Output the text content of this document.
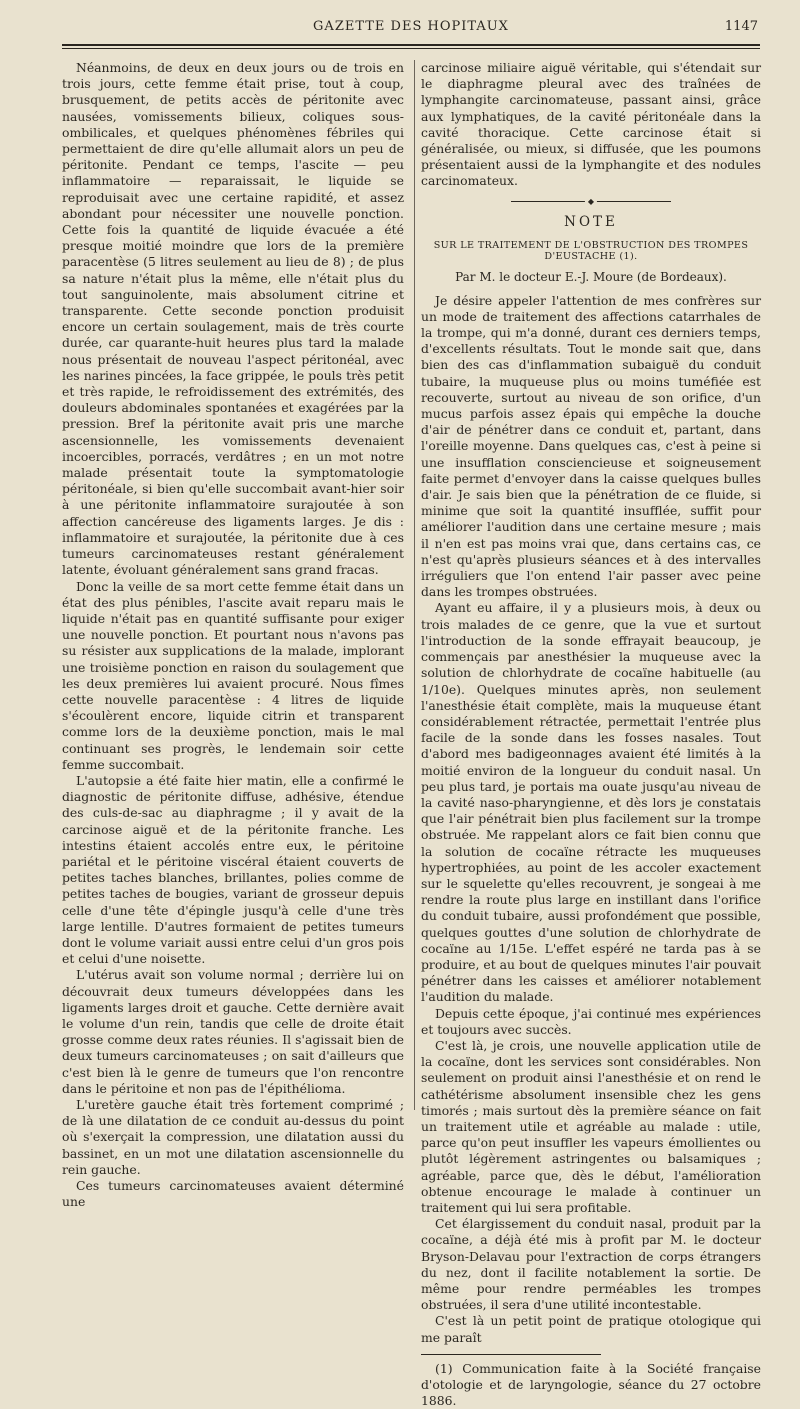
GAZETTE DES HOPITAUX	1147

Néanmoins, de deux en deux jours ou de trois en trois jours, cette femme était prise, tout à coup, brusquement, de petits accès de péritonite avec nausées, vomissements bilieux, coliques sous-ombilicales, et quelques phénomènes fébriles qui permettaient de dire qu'elle allumait alors un peu de péritonite. Pendant ce temps, l'ascite — peu inflammatoire — reparaissait, le liquide se reproduisait avec une certaine rapidité, et assez abondant pour nécessiter une nouvelle ponction. Cette fois la quantité de liquide évacuée a été presque moitié moindre que lors de la première paracentèse (5 litres seulement au lieu de 8) ; de plus sa nature n'était plus la même, elle n'était plus du tout sanguinolente, mais absolument citrine et transparente. Cette seconde ponction produisit encore un certain soulagement, mais de très courte durée, car quarante-huit heures plus tard la malade nous présentait de nouveau l'aspect péritonéal, avec les narines pincées, la face grippée, le pouls très petit et très rapide, le refroidissement des extrémités, des douleurs abdominales spontanées et exagérées par la pression. Bref la péritonite avait pris une marche ascensionnelle, les vomissements devenaient incoercibles, porracés, verdâtres ; en un mot notre malade présentait toute la symptomatologie péritonéale, si bien qu'elle succombait avant-hier soir à une péritonite inflammatoire surajoutée à son affection cancéreuse des ligaments larges. Je dis : inflammatoire et surajoutée, la péritonite due à ces tumeurs carcinomateuses restant généralement latente, évoluant généralement sans grand fracas.

Donc la veille de sa mort cette femme était dans un état des plus pénibles, l'ascite avait reparu mais le liquide n'était pas en quantité suffisante pour exiger une nouvelle ponction. Et pourtant nous n'avons pas su résister aux supplications de la malade, implorant une troisième ponction en raison du soulagement que les deux premières lui avaient procuré. Nous fîmes cette nouvelle paracentèse : 4 litres de liquide s'écoulèrent encore, liquide citrin et transparent comme lors de la deuxième ponction, mais le mal continuant ses progrès, le lendemain soir cette femme succombait.

L'autopsie a été faite hier matin, elle a confirmé le diagnostic de péritonite diffuse, adhésive, étendue des culs-de-sac au diaphragme ; il y avait de la carcinose aiguë et de la péritonite franche. Les intestins étaient accolés entre eux, le péritoine pariétal et le péritoine viscéral étaient couverts de petites taches blanches, brillantes, polies comme de petites taches de bougies, variant de grosseur depuis celle d'une tête d'épingle jusqu'à celle d'une très large lentille. D'autres formaient de petites tumeurs dont le volume variait aussi entre celui d'un gros pois et celui d'une noisette.

L'utérus avait son volume normal ; derrière lui on découvrait deux tumeurs développées dans les ligaments larges droit et gauche. Cette dernière avait le volume d'un rein, tandis que celle de droite était grosse comme deux rates réunies. Il s'agissait bien de deux tumeurs carcinomateuses ; on sait d'ailleurs que c'est bien là le genre de tumeurs que l'on rencontre dans le péritoine et non pas de l'épithélioma.

L'uretère gauche était très fortement comprimé ; de là une dilatation de ce conduit au-dessus du point où s'exerçait la compression, une dilatation aussi du bassinet, en un mot une dilatation ascensionnelle du rein gauche.

Ces tumeurs carcinomateuses avaient déterminé une

carcinose miliaire aiguë véritable, qui s'étendait sur le diaphragme pleural avec des traînées de lymphangite carcinomateuse, passant ainsi, grâce aux lymphatiques, de la cavité péritonéale dans la cavité thoracique. Cette carcinose était si généralisée, ou mieux, si diffusée, que les poumons présentaient aussi de la lymphangite et des nodules carcinomateux.

◆
NOTE
SUR LE TRAITEMENT DE L'OBSTRUCTION DES TROMPES D'EUSTACHE (1).
Par M. le docteur E.-J. Moure (de Bordeaux).

Je désire appeler l'attention de mes confrères sur un mode de traitement des affections catarrhales de la trompe, qui m'a donné, durant ces derniers temps, d'excellents résultats. Tout le monde sait que, dans bien des cas d'inflammation subaiguë du conduit tubaire, la muqueuse plus ou moins tuméfiée est recouverte, surtout au niveau de son orifice, d'un mucus parfois assez épais qui empêche la douche d'air de pénétrer dans ce conduit et, partant, dans l'oreille moyenne. Dans quelques cas, c'est à peine si une insufflation consciencieuse et soigneusement faite permet d'envoyer dans la caisse quelques bulles d'air. Je sais bien que la pénétration de ce fluide, si minime que soit la quantité insufflée, suffit pour améliorer l'audition dans une certaine mesure ; mais il n'en est pas moins vrai que, dans certains cas, ce n'est qu'après plusieurs séances et à des intervalles irréguliers que l'on entend l'air passer avec peine dans les trompes obstruées.

Ayant eu affaire, il y a plusieurs mois, à deux ou trois malades de ce genre, que la vue et surtout l'introduction de la sonde effrayait beaucoup, je commençais par anesthésier la muqueuse avec la solution de chlorhydrate de cocaïne habituelle (au 1/10e). Quelques minutes après, non seulement l'anesthésie était complète, mais la muqueuse étant considérablement rétractée, permettait l'entrée plus facile de la sonde dans les fosses nasales. Tout d'abord mes badigeonnages avaient été limités à la moitié environ de la longueur du conduit nasal. Un peu plus tard, je portais ma ouate jusqu'au niveau de la cavité naso-pharyngienne, et dès lors je constatais que l'air pénétrait bien plus facilement sur la trompe obstruée. Me rappelant alors ce fait bien connu que la solution de cocaïne rétracte les muqueuses hypertrophiées, au point de les accoler exactement sur le squelette qu'elles recouvrent, je songeai à me rendre la route plus large en instillant dans l'orifice du conduit tubaire, aussi profondément que possible, quelques gouttes d'une solution de chlorhydrate de cocaïne au 1/15e. L'effet espéré ne tarda pas à se produire, et au bout de quelques minutes l'air pouvait pénétrer dans les caisses et améliorer notablement l'audition du malade.

Depuis cette époque, j'ai continué mes expériences et toujours avec succès.

C'est là, je crois, une nouvelle application utile de la cocaïne, dont les services sont considérables. Non seulement on produit ainsi l'anesthésie et on rend le cathétérisme absolument insensible chez les gens timorés ; mais surtout dès la première séance on fait un traitement utile et agréable au malade : utile, parce qu'on peut insuffler les vapeurs émollientes ou plutôt légèrement astringentes ou balsamiques ; agréable, parce que, dès le début, l'amélioration obtenue encourage le malade à continuer un traitement qui lui sera profitable.

Cet élargissement du conduit nasal, produit par la cocaïne, a déjà été mis à profit par M. le docteur Bryson-Delavau pour l'extraction de corps étrangers du nez, dont il facilite notablement la sortie. De même pour rendre perméables les trompes obstruées, il sera d'une utilité incontestable.

C'est là un petit point de pratique otologique qui me paraît

(1) Communication faite à la Société française d'otologie et de laryngologie, séance du 27 octobre 1886.
